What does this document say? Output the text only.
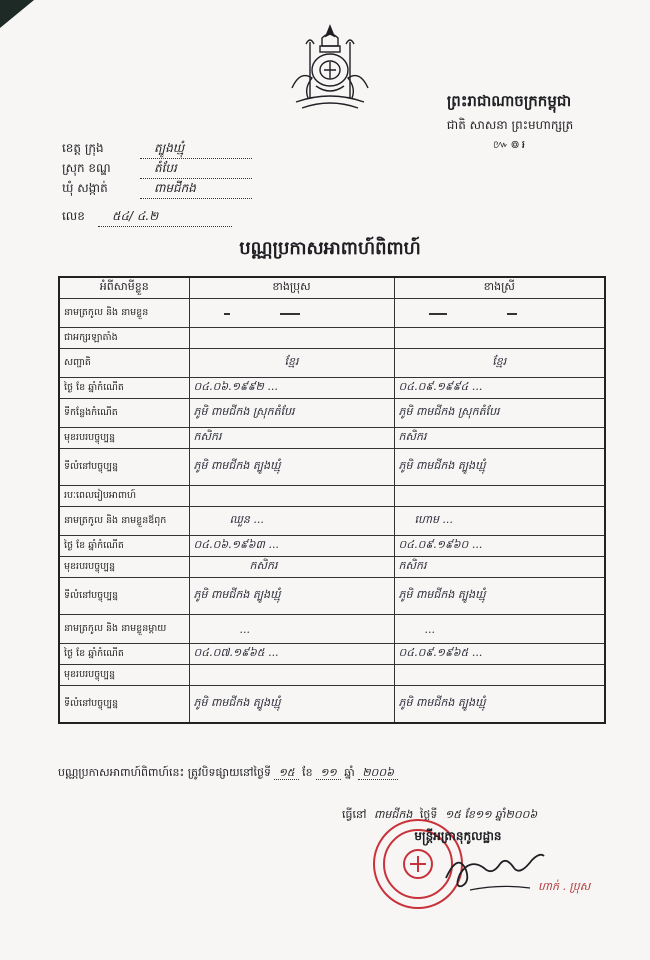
ព្រះរាជាណាចក្រកម្ពុជា
ជាតិ សាសនា ព្រះមហាក្សត្រ
៚៙៛
ខេត្ត ក្រុង	ត្បូងឃ្មុំ
ស្រុក ខណ្ឌ	តំបែរ
ឃុំ សង្កាត់	ពាមជីកង
លេខ ៥៤/ ៤.២
បណ្ណប្រកាសអាពាហ៍ពិពាហ៍
អំពីសាមីខ្លួន	ខាងប្រុស	ខាងស្រី
នាមត្រកូល និង នាមខ្លួន		
ជាអក្សរឡាតាំង		
សញ្ជាតិ	ខ្មែរ	ខ្មែរ
ថ្ងៃ ខែ ឆ្នាំកំណើត	០៤.០៦.១៩៩២ ...	០៤.០៩.១៩៩៤ ...
ទីកន្លែងកំណើត	ភូមិ ពាមជីកង ស្រុកតំបែរ	ភូមិ ពាមជីកង ស្រុកតំបែរ
មុខរបរបច្ចុប្បន្ន	កសិករ	កសិករ
ទីលំនៅបច្ចុប្បន្ន	ភូមិ ពាមជីកង ត្បូងឃ្មុំ	ភូមិ ពាមជីកង ត្បូងឃ្មុំ
របៈពេលរៀបអាពាហ៍		
នាមត្រកូល និង នាមខ្លួនឪពុក	ឈួន ...	ហោម ...
ថ្ងៃ ខែ ឆ្នាំកំណើត	០៤.០៦.១៩៦៣ ...	០៤.០៩.១៩៦០ ...
មុខរបរបច្ចុប្បន្ន	កសិករ	កសិករ
ទីលំនៅបច្ចុប្បន្ន	ភូមិ ពាមជីកង ត្បូងឃ្មុំ	ភូមិ ពាមជីកង ត្បូងឃ្មុំ
នាមត្រកូល និង នាមខ្លួនម្ដាយ	...	...
ថ្ងៃ ខែ ឆ្នាំកំណើត	០៤.០៧.១៩៦៥ ...	០៤.០៩.១៩៦៥ ...
មុខរបរបច្ចុប្បន្ន		
ទីលំនៅបច្ចុប្បន្ន	ភូមិ ពាមជីកង ត្បូងឃ្មុំ	ភូមិ ពាមជីកង ត្បូងឃ្មុំ
បណ្ណប្រកាសអាពាហ៍ពិពាហ៍នេះ ត្រូវបិទផ្សាយនៅថ្ងៃទី ១៥ ខែ ១១ ឆ្នាំ ២០០៦
ធ្វើនៅ ពាមជីកង ថ្ងៃទី ១៥ ខែ១១ ឆ្នាំ២០០៦
មន្ត្រីអត្រានុកូលដ្ឋាន
ហាក់ . ប្រុស
